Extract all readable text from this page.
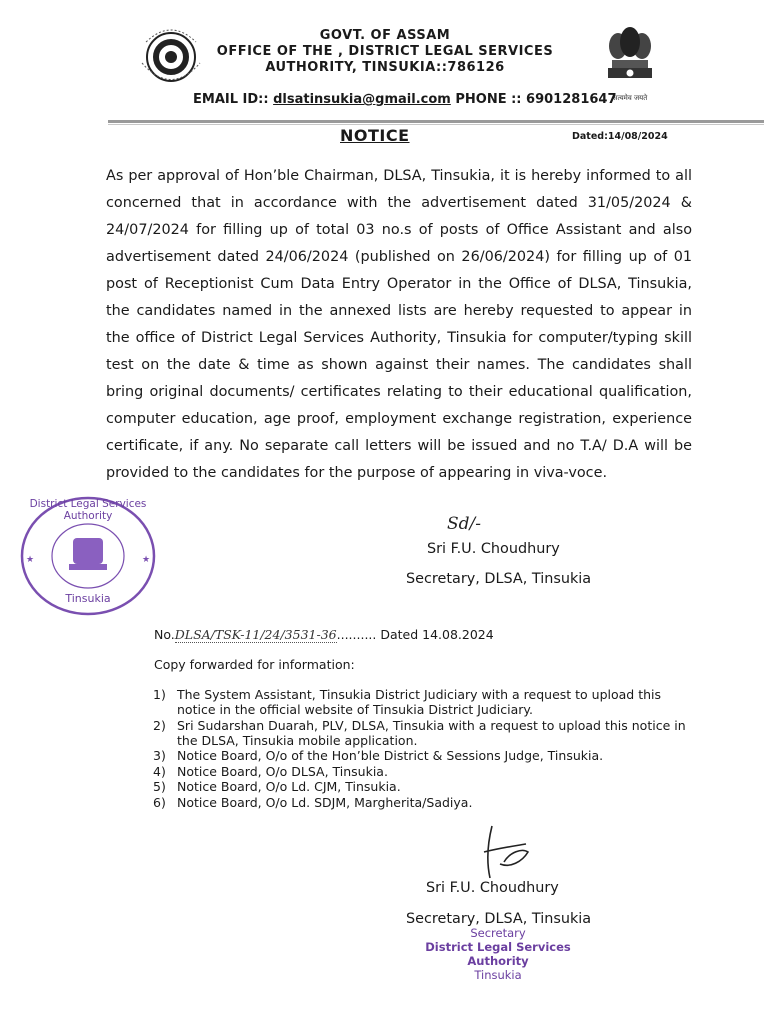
सत्यमेव जयते
GOVT. OF ASSAM
OFFICE OF THE , DISTRICT LEGAL SERVICES
AUTHORITY, TINSUKIA::786126
EMAIL ID:: dlsatinsukia@gmail.com PHONE :: 6901281647
NOTICE	Dated:14/08/2024
As per approval of Hon’ble Chairman, DLSA, Tinsukia, it is hereby informed to all concerned that in accordance with the advertisement dated 31/05/2024 & 24/07/2024 for filling up of total 03 no.s of posts of Office Assistant and also advertisement dated 24/06/2024 (published on 26/06/2024) for filling up of 01 post of Receptionist Cum Data Entry Operator in the Office of DLSA, Tinsukia, the candidates named in the annexed lists are hereby requested to appear in the office of District Legal Services Authority, Tinsukia for computer/typing skill test on the date & time as shown against their names. The candidates shall bring original documents/ certificates relating to their educational qualification, computer education, age proof, employment exchange registration, experience certificate, if any. No separate call letters will be issued and no T.A/ D.A will be provided to the candidates for the purpose of appearing in viva-voce.
★	★
District Legal Services Authority
Tinsukia
Sd/-
Sri F.U. Choudhury
Secretary, DLSA, Tinsukia
No.DLSA/TSK-11/24/3531-36.......... Dated 14.08.2024
Copy forwarded for information:
1) The System Assistant, Tinsukia District Judiciary with a request to upload this notice in the official website of Tinsukia District Judiciary.
2) Sri Sudarshan Duarah, PLV, DLSA, Tinsukia with a request to upload this notice in the DLSA, Tinsukia mobile application.
3) Notice Board, O/o of the Hon’ble District & Sessions Judge, Tinsukia.
4) Notice Board, O/o DLSA, Tinsukia.
5) Notice Board, O/o Ld. CJM, Tinsukia.
6) Notice Board, O/o Ld. SDJM, Margherita/Sadiya.
Sri F.U. Choudhury
Secretary, DLSA, Tinsukia
Secretary
District Legal Services Authority
Tinsukia
